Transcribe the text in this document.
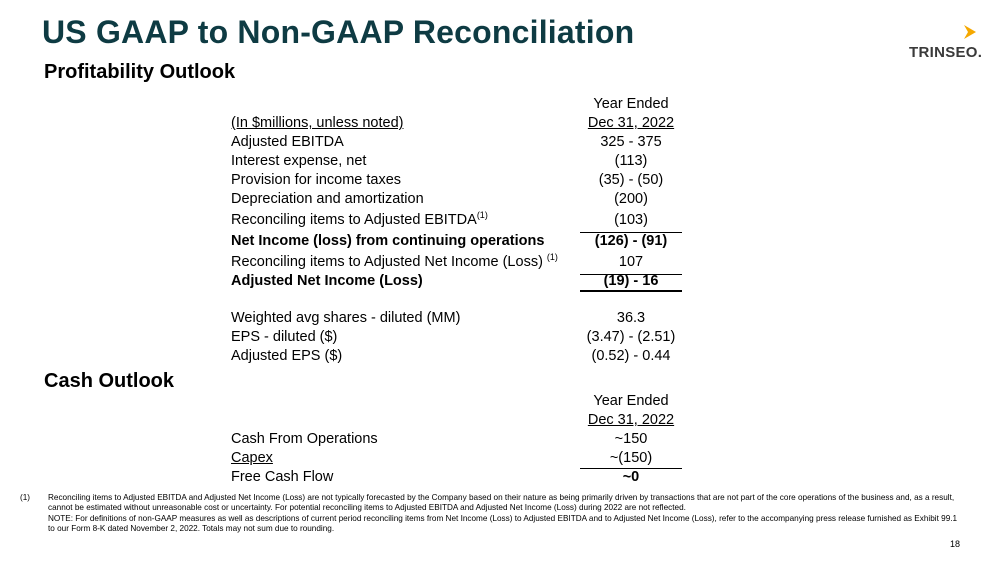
US GAAP to Non-GAAP Reconciliation
TRINSEO.
Profitability Outlook
Year Ended
(In $millions, unless noted)	Dec 31, 2022
Adjusted EBITDA	325 - 375
Interest expense, net	(113)
Provision for income taxes	(35) - (50)
Depreciation and amortization	(200)
Reconciling items to Adjusted EBITDA$^{(1)}$	(103)
Net Income (loss) from continuing operations	(126) - (91)
Reconciling items to Adjusted Net Income (Loss) $^{(1)}$	107
Adjusted Net Income (Loss)	(19) - 16
Weighted avg shares - diluted (MM)	36.3
EPS - diluted ($)	(3.47) - (2.51)
Adjusted EPS ($)	(0.52) - 0.44
Cash Outlook
Year Ended
Dec 31, 2022
Cash From Operations	~150
Capex	~(150)
Free Cash Flow	~0
(1) Reconciling items to Adjusted EBITDA and Adjusted Net Income (Loss) are not typically forecasted by the Company based on their nature as being primarily driven by transactions that are not part of the core operations of the business and, as a result, cannot be estimated without unreasonable cost or uncertainty. For potential reconciling items to Adjusted EBITDA and Adjusted Net Income (Loss) during 2022 are not reflected.
NOTE: For definitions of non-GAAP measures as well as descriptions of current period reconciling items from Net Income (Loss) to Adjusted EBITDA and to Adjusted Net Income (Loss), refer to the accompanying press release furnished as Exhibit 99.1 to our Form 8-K dated November 2, 2022. Totals may not sum due to rounding.
18
